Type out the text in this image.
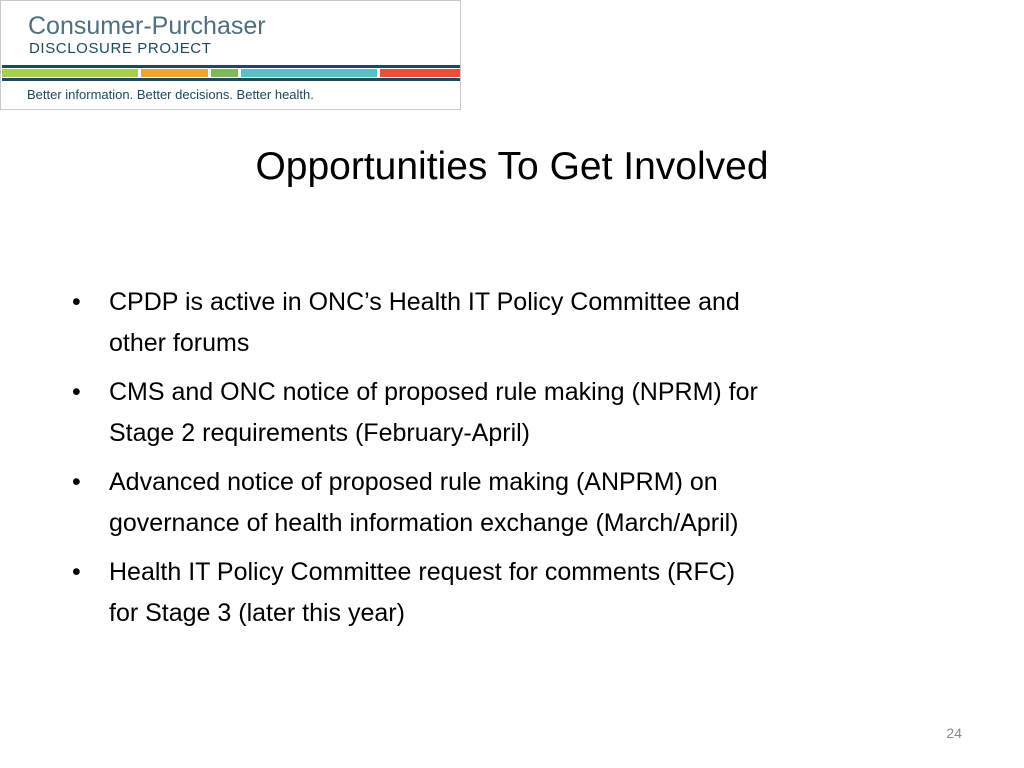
Consumer-Purchaser
DISCLOSURE PROJECT
Better information. Better decisions. Better health.
Opportunities To Get Involved
• CPDP is active in ONC’s Health IT Policy Committee and
other forums
• CMS and ONC notice of proposed rule making (NPRM) for
Stage 2 requirements (February-April)
• Advanced notice of proposed rule making (ANPRM) on
governance of health information exchange (March/April)
• Health IT Policy Committee request for comments (RFC)
for Stage 3 (later this year)
24
